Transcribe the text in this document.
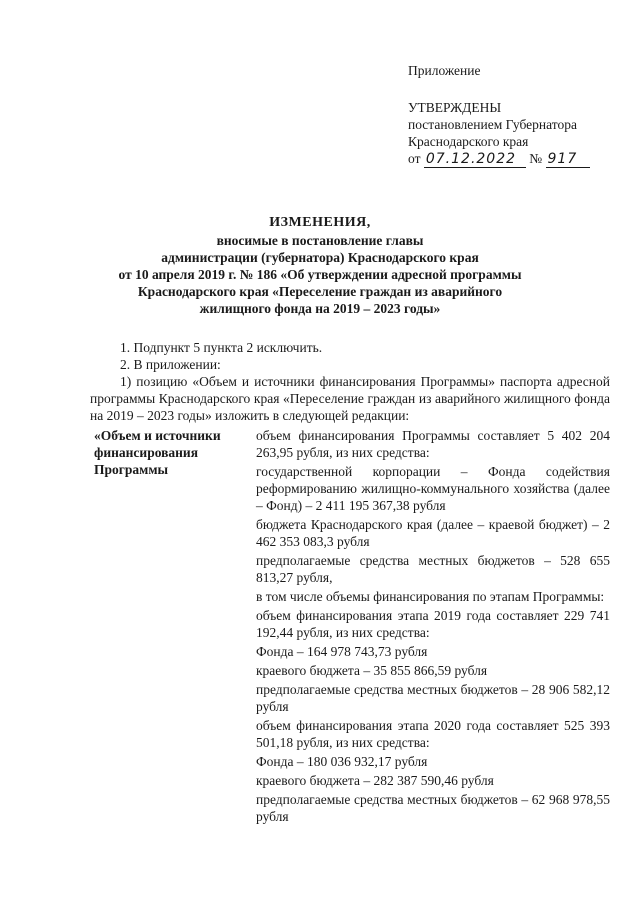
Приложение
УТВЕРЖДЕНЫ
постановлением Губернатора
Краснодарского края
от 07.12.2022 № 917
ИЗМЕНЕНИЯ,
вносимые в постановление главы
администрации (губернатора) Краснодарского края
от 10 апреля 2019 г. № 186 «Об утверждении адресной программы
Краснодарского края «Переселение граждан из аварийного
жилищного фонда на 2019 – 2023 годы»
1. Подпункт 5 пункта 2 исключить.
2. В приложении:
1) позицию «Объем и источники финансирования Программы» паспорта адресной программы Краснодарского края «Переселение граждан из аварийного жилищного фонда на 2019 – 2023 годы» изложить в следующей редакции:
«Объем и источники финансирования Программы

объем финансирования Программы составляет 5 402 204 263,95 рубля, из них средства:

государственной корпорации – Фонда содействия реформированию жилищно-коммунального хозяйства (далее – Фонд) – 2 411 195 367,38 рубля

бюджета Краснодарского края (далее – краевой бюджет) – 2 462 353 083,3 рубля

предполагаемые средства местных бюджетов – 528 655 813,27 рубля,

в том числе объемы финансирования по этапам Программы:

объем финансирования этапа 2019 года составляет 229 741 192,44 рубля, из них средства:

Фонда – 164 978 743,73 рубля

краевого бюджета – 35 855 866,59 рубля

предполагаемые средства местных бюджетов – 28 906 582,12 рубля

объем финансирования этапа 2020 года составляет 525 393 501,18 рубля, из них средства:

Фонда – 180 036 932,17 рубля

краевого бюджета – 282 387 590,46 рубля

предполагаемые средства местных бюджетов – 62 968 978,55 рубля
